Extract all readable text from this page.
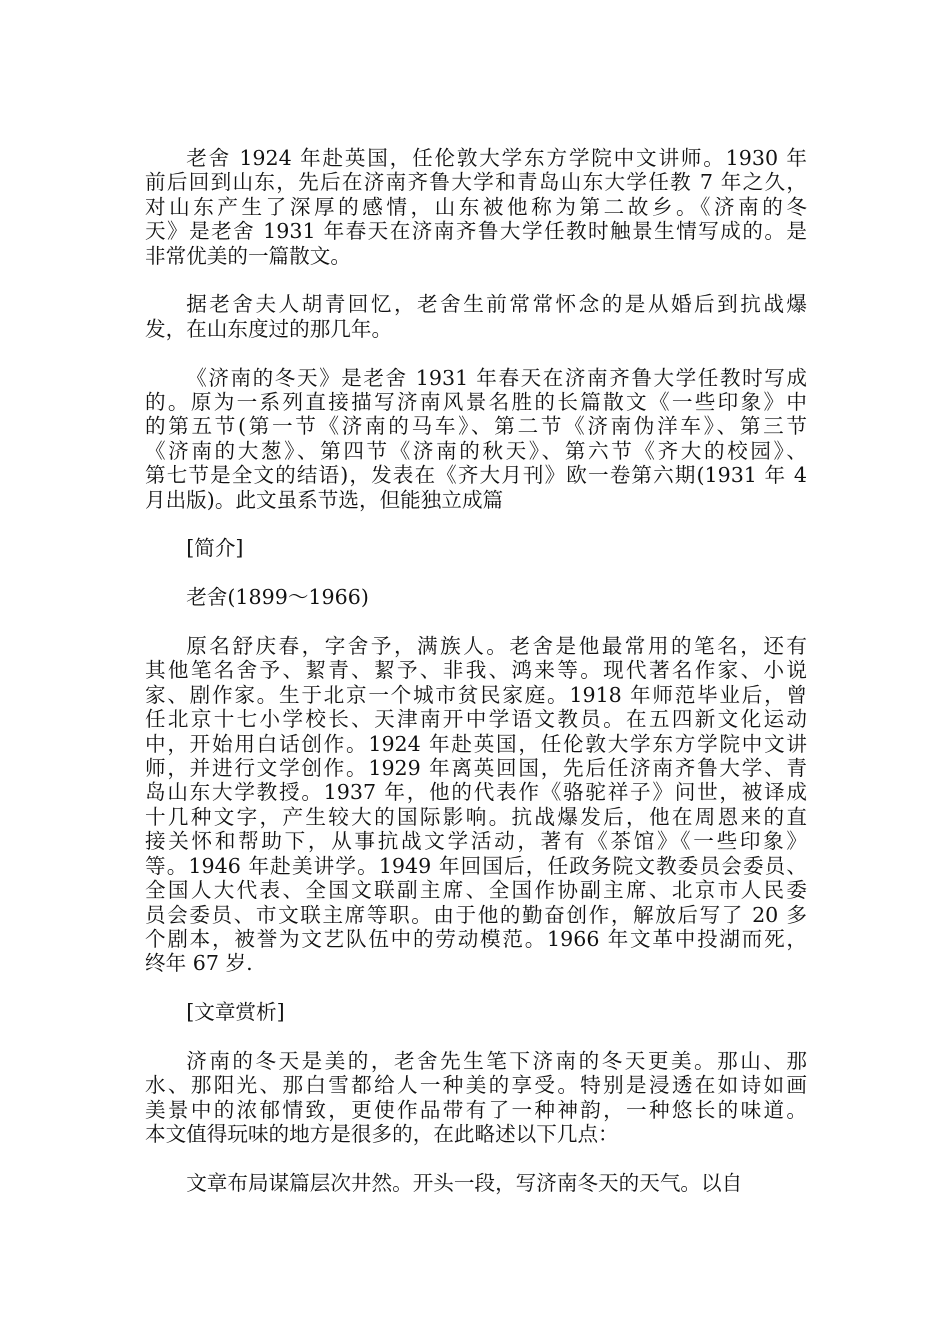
老舍 1924 年赴英国，任伦敦大学东方学院中文讲师。1930 年
前后回到山东，先后在济南齐鲁大学和青岛山东大学任教 7 年之久，
对山东产生了深厚的感情，山东被他称为第二故乡。《济南的冬
天》是老舍 1931 年春天在济南齐鲁大学任教时触景生情写成的。是
非常优美的一篇散文。
据老舍夫人胡青回忆，老舍生前常常怀念的是从婚后到抗战爆
发，在山东度过的那几年。
《济南的冬天》是老舍 1931 年春天在济南齐鲁大学任教时写成
的。原为一系列直接描写济南风景名胜的长篇散文《一些印象》中
的第五节(第一节《济南的马车》、第二节《济南伪洋车》、第三节
《济南的大葱》、第四节《济南的秋天》、第六节《齐大的校园》、
第七节是全文的结语)，发表在《齐大月刊》欧一卷第六期(1931 年 4
月出版)。此文虽系节选，但能独立成篇
[简介]
老舍(1899～1966)
原名舒庆春，字舍予，满族人。老舍是他最常用的笔名，还有
其他笔名舍予、絜青、絜予、非我、鸿来等。现代著名作家、小说
家、剧作家。生于北京一个城市贫民家庭。1918 年师范毕业后，曾
任北京十七小学校长、天津南开中学语文教员。在五四新文化运动
中，开始用白话创作。1924 年赴英国，任伦敦大学东方学院中文讲
师，并进行文学创作。1929 年离英回国，先后任济南齐鲁大学、青
岛山东大学教授。1937 年，他的代表作《骆驼祥子》问世，被译成
十几种文字，产生较大的国际影响。抗战爆发后，他在周恩来的直
接关怀和帮助下，从事抗战文学活动，著有《茶馆》《一些印象》
等。1946 年赴美讲学。1949 年回国后，任政务院文教委员会委员、
全国人大代表、全国文联副主席、全国作协副主席、北京市人民委
员会委员、市文联主席等职。由于他的勤奋创作，解放后写了 20 多
个剧本，被誉为文艺队伍中的劳动模范。1966 年文革中投湖而死，
终年 67 岁.
[文章赏析]
济南的冬天是美的，老舍先生笔下济南的冬天更美。那山、那
水、那阳光、那白雪都给人一种美的享受。特别是浸透在如诗如画
美景中的浓郁情致，更使作品带有了一种神韵，一种悠长的味道。
本文值得玩味的地方是很多的，在此略述以下几点：
文章布局谋篇层次井然。开头一段，写济南冬天的天气。以自
